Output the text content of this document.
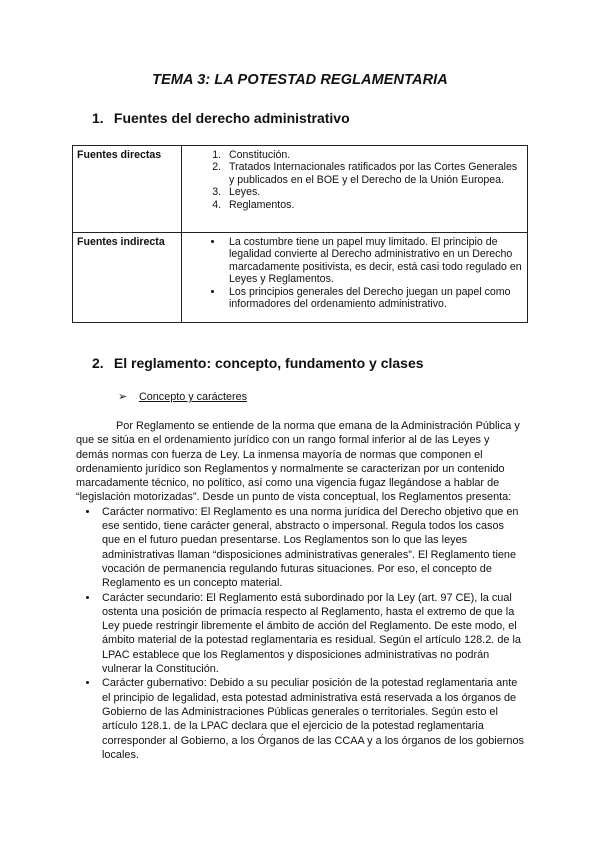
TEMA 3: LA POTESTAD REGLAMENTARIA
1. Fuentes del derecho administrativo
Fuentes directas	
1.Constitución.
2. Tratados Internacionales ratificados por las Cortes Generales y publicados en el BOE y el Derecho de la Unión Europea.
3. Leyes.
4. Reglamentos.

Fuentes indirecta	
•La costumbre tiene un papel muy limitado. El principio de legalidad convierte al Derecho administrativo en un Derecho marcadamente positivista, es decir, está casi todo regulado en Leyes y Reglamentos.
• Los principios generales del Derecho juegan un papel como informadores del ordenamiento administrativo.
2. El reglamento: concepto, fundamento y clases
➢ Concepto y carácteres

Por Reglamento se entiende de la norma que emana de la Administración Pública y que se sitúa en el ordenamiento jurídico con un rango formal inferior al de las Leyes y demás normas con fuerza de Ley. La inmensa mayoría de normas que componen el ordenamiento jurídico son Reglamentos y normalmente se caracterizan por un contenido marcadamente técnico, no político, así como una vigencia fugaz llegándose a hablar de “legislación motorizadas”. Desde un punto de vista conceptual, los Reglamentos presenta:

• Carácter normativo: El Reglamento es una norma jurídica del Derecho objetivo que en ese sentido, tiene carácter general, abstracto o impersonal. Regula todos los casos que en el futuro puedan presentarse. Los Reglamentos son lo que las leyes administrativas llaman “disposiciones administrativas generales”. El Reglamento tiene vocación de permanencia regulando futuras situaciones. Por eso, el concepto de Reglamento es un concepto material.
• Carácter secundario: El Reglamento está subordinado por la Ley (art. 97 CE), la cual ostenta una posición de primacía respecto al Reglamento, hasta el extremo de que la Ley puede restringir libremente el ámbito de acción del Reglamento. De este modo, el ámbito material de la potestad reglamentaria es residual. Según el artículo 128.2. de la LPAC establece que los Reglamentos y disposiciones administrativas no podrán vulnerar la Constitución.
• Carácter gubernativo: Debido a su peculiar posición de la potestad reglamentaria ante el principio de legalidad, esta potestad administrativa está reservada a los órganos de Gobierno de las Administraciones Públicas generales o territoriales. Según esto el artículo 128.1. de la LPAC declara que el ejercicio de la potestad reglamentaria corresponder al Gobierno, a los Órganos de las CCAA y a los órganos de los gobiernos locales.
